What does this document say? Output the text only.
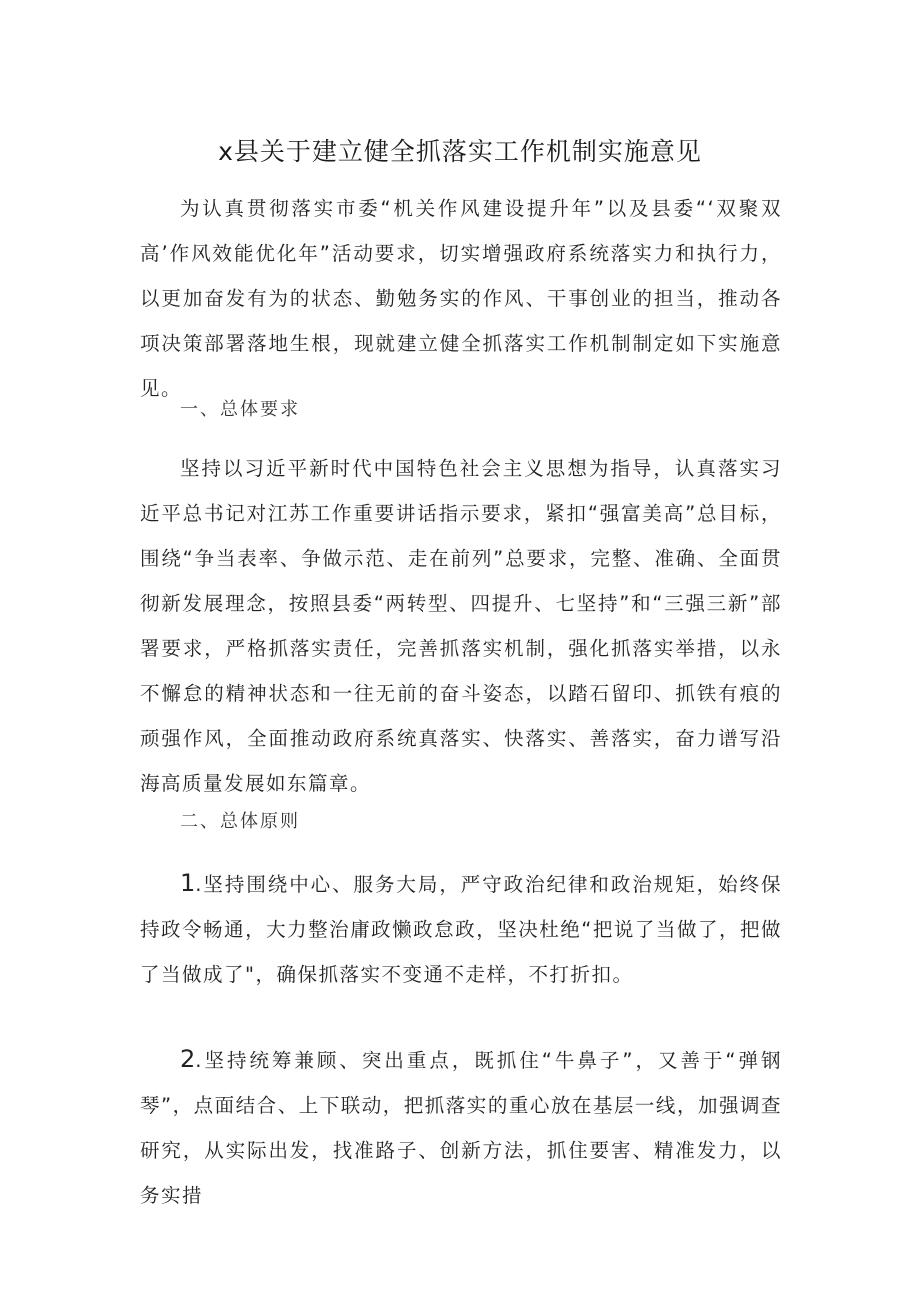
x县关于建立健全抓落实工作机制实施意见

为认真贯彻落实市委“机关作风建设提升年”以及县委“‘双聚双高’作风效能优化年”活动要求，切实增强政府系统落实力和执行力，以更加奋发有为的状态、勤勉务实的作风、干事创业的担当，推动各项决策部署落地生根，现就建立健全抓落实工作机制制定如下实施意见。

一、总体要求

坚持以习近平新时代中国特色社会主义思想为指导，认真落实习近平总书记对江苏工作重要讲话指示要求，紧扣“强富美高”总目标，围绕“争当表率、争做示范、走在前列”总要求，完整、准确、全面贯彻新发展理念，按照县委“两转型、四提升、七坚持”和“三强三新”部署要求，严格抓落实责任，完善抓落实机制，强化抓落实举措，以永不懈怠的精神状态和一往无前的奋斗姿态，以踏石留印、抓铁有痕的顽强作风，全面推动政府系统真落实、快落实、善落实，奋力谱写沿海高质量发展如东篇章。

二、总体原则

1.坚持围绕中心、服务大局，严守政治纪律和政治规矩，始终保持政令畅通，大力整治庸政懒政怠政，坚决杜绝“把说了当做了，把做了当做成了"，确保抓落实不变通不走样，不打折扣。

2.坚持统筹兼顾、突出重点，既抓住“牛鼻子”，又善于“弹钢琴”，点面结合、上下联动，把抓落实的重心放在基层一线，加强调查研究，从实际出发，找准路子、创新方法，抓住要害、精准发力，以务实措
